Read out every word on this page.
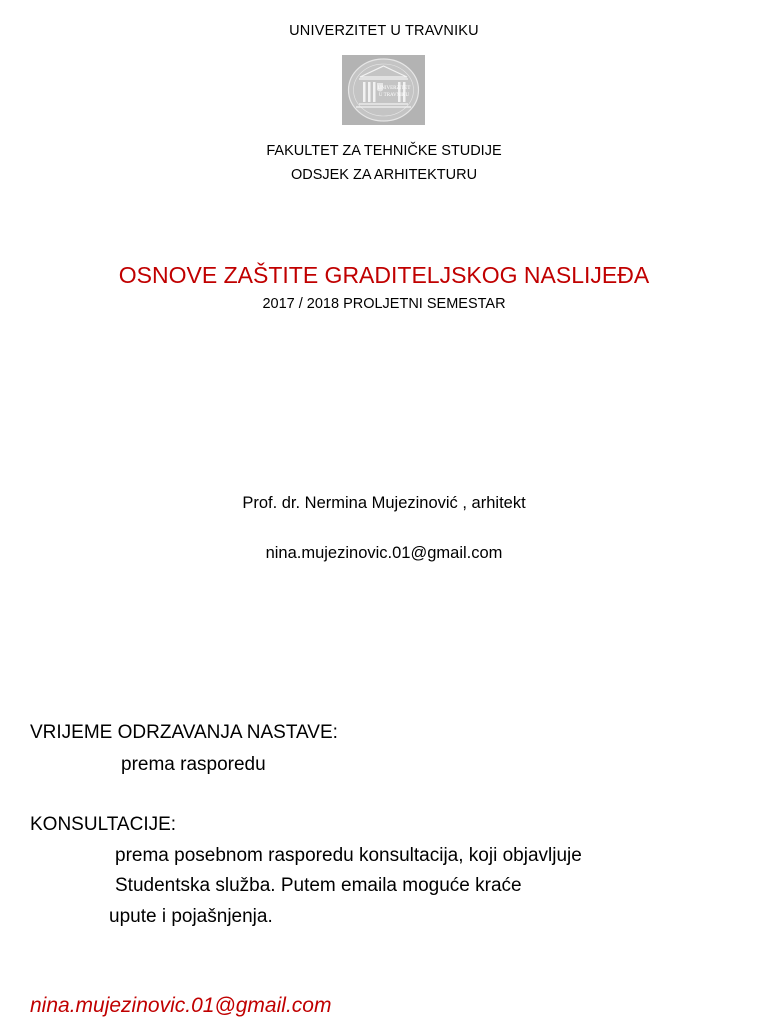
UNIVERZITET U TRAVNIKU
UNIVERZITET
U TRAVNIKU
FAKULTET ZA TEHNIČKE STUDIJE
ODSJEK ZA ARHITEKTURU
OSNOVE ZAŠTITE GRADITELJSKOG NASLIJEĐA
2017 / 2018 PROLJETNI SEMESTAR
Prof. dr. Nermina Mujezinović , arhitekt
nina.mujezinovic.01@gmail.com
VRIJEME ODRZAVANJA NASTAVE:
prema rasporedu
KONSULTACIJE:
prema posebnom rasporedu konsultacija, koji objavljuje
Studentska služba. Putem emaila moguće kraće
upute i pojašnjenja.
nina.mujezinovic.01@gmail.com
